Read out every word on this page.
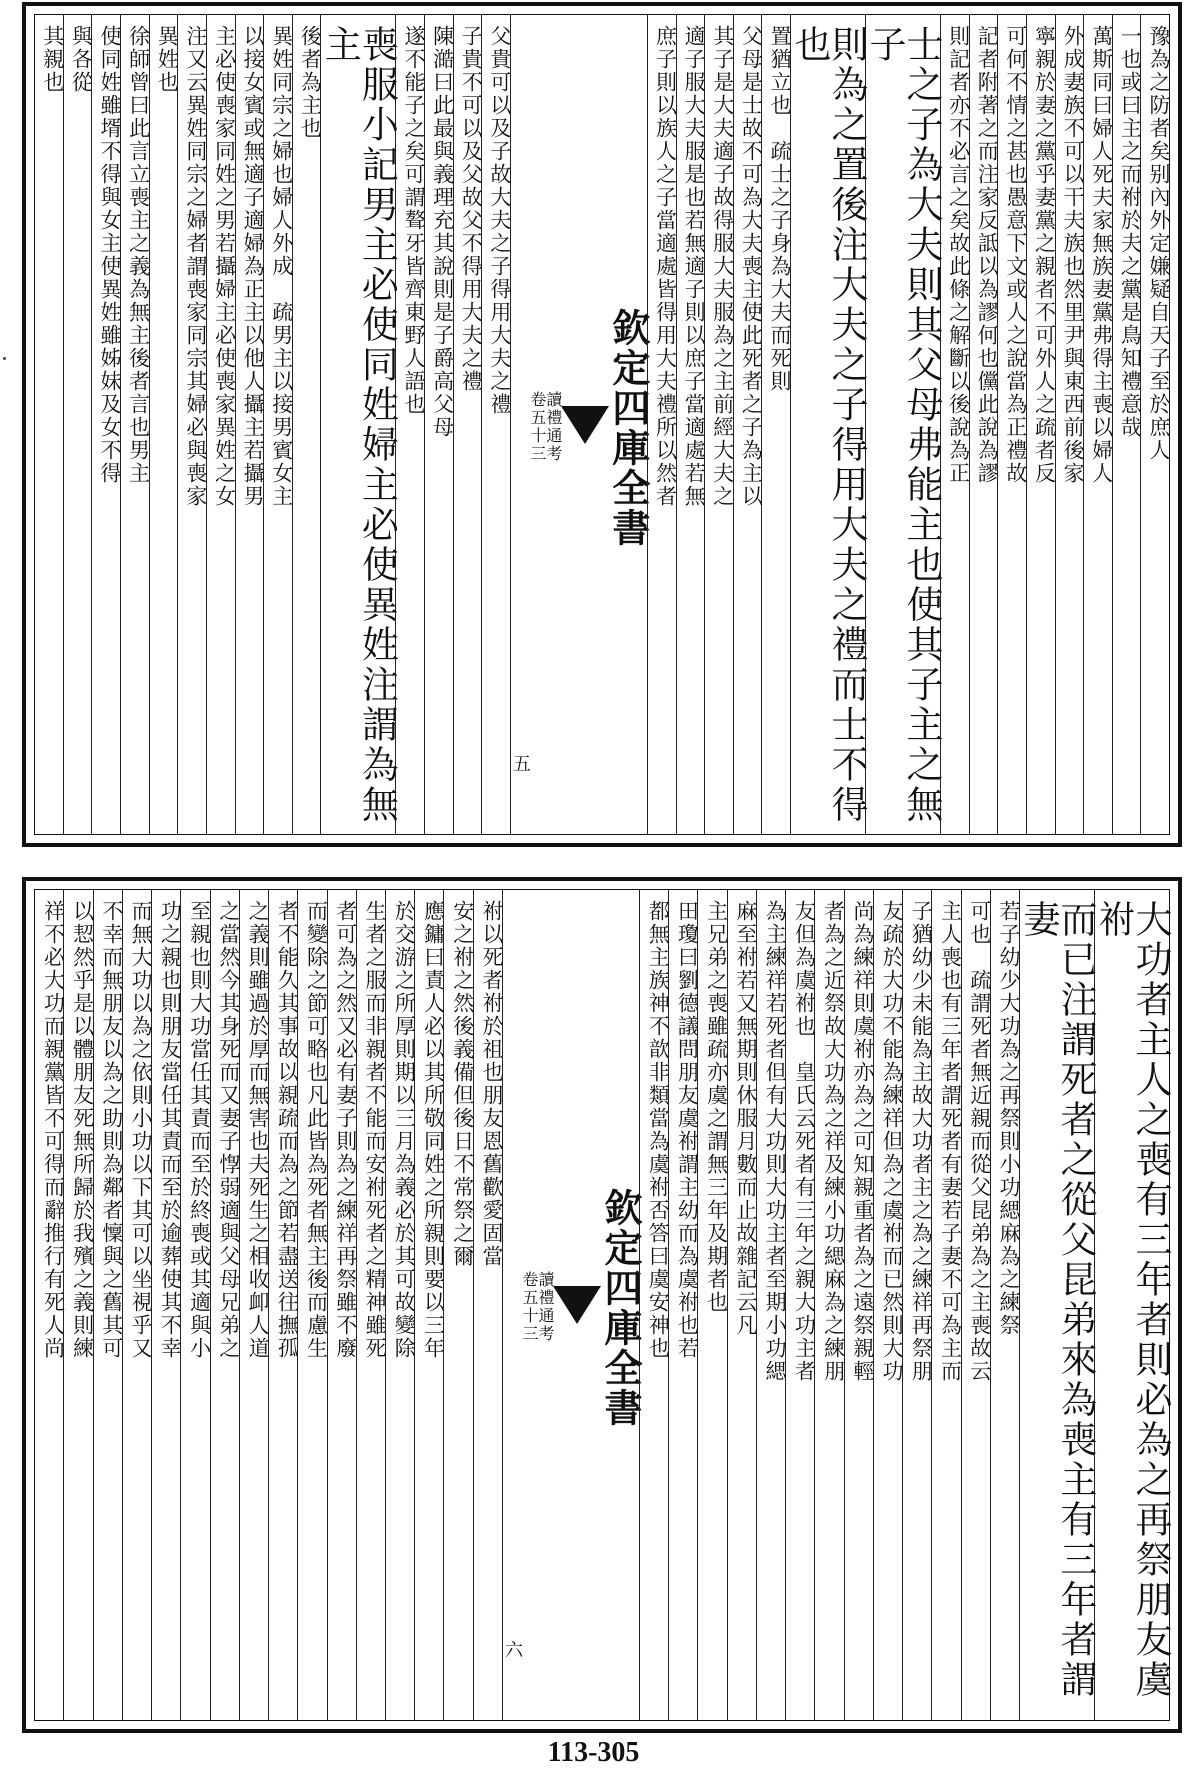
豫為之防者矣别內外定嫌疑自天子至於庶人
一也或曰主之而祔於夫之黨是鳥知禮意哉
萬斯同曰婦人死夫家無族妻黨弗得主喪以婦人
外成妻族不可以干夫族也然里尹與東西前後家
寧親於妻之黨乎妻黨之親者不可外人之疏者反
可何不情之甚也愚意下文或人之說當為正禮故
記者附著之而注家反詆以為謬何也儻此說為謬
則記者亦不必言之矣故此條之解斷以後說為正
士之子為大夫則其父母弗能主也使其子主之無子
則為之置後注大夫之子得用大夫之禮而士不得也
置猶立也　疏士之子身為大夫而死則
父母是士故不可為大夫喪主使此死者之子為主以
其子是大夫適子故得服大夫服為之主前經大夫之
適子服大夫服是也若無適子則以庶子當適處若無
庶子則以族人之子當適處皆得用大夫禮所以然者
欽定四庫全書
讀禮通考
卷五十三
五
父貴可以及子故大夫之子得用大夫之禮
子貴不可以及父故父不得用大夫之禮
陳澔曰此最與義理充其說則是子爵高父母
遂不能子之矣可謂聱牙皆齊東野人語也
喪服小記男主必使同姓婦主必使異姓注謂為無主
後者為主也
異姓同宗之婦也婦人外成　疏男主以接男賓女主
以接女賓或無適子適婦為正主以他人攝主若攝男
主必使喪家同姓之男若攝婦主必使喪家異姓之女
注又云異姓同宗之婦者謂喪家同宗其婦必與喪家
異姓也
徐師曾曰此言立喪主之義為無主後者言也男主
使同姓雖壻不得與女主使異姓雖姊妹及女不得
與各從
其親也
大功者主人之喪有三年者則必為之再祭朋友虞祔
而已注謂死者之從父昆弟來為喪主有三年者謂妻
若子幼少大功為之再祭則小功緦麻為之練祭
可也　疏謂死者無近親而從父昆弟為之主喪故云
主人喪也有三年者謂死者有妻若子妻不可為主而
子猶幼少未能為主故大功者主之為之練祥再祭朋
友疏於大功不能為練祥但為之虞祔而已然則大功
尚為練祥則虞祔亦為之可知親重者為之遠祭親輕
者為之近祭故大功為之祥及練小功緦麻為之練朋
友但為虞祔也　皇氏云死者有三年之親大功主者
為主練祥若死者但有大功則大功主者至期小功緦
麻至祔若又無期則休服月數而止故雜記云凡
主兄弟之喪雖疏亦虞之謂無三年及期者也
田瓊曰劉德議問朋友虞祔謂主幼而為虞祔也若
都無主族神不歆非類當為虞祔否答曰虞安神也
欽定四庫全書
讀禮通考
卷五十三
六
祔以死者祔於祖也朋友恩舊歡愛固當
安之祔之然後義備但後日不常祭之爾
應鏞曰責人必以其所敬同姓之所親則要以三年
於交游之所厚則期以三月為義必於其可故變除
生者之服而非親者不能而安祔死者之精神雖死
者可為之然又必有妻子則為之練祥再祭雖不廢
而變除之節可略也凡此皆為死者無主後而慮生
者不能久其事故以親疏而為之節若盡送往撫孤
之義則雖過於厚而無害也夫死生之相收卹人道
之當然今其身死而又妻子惸弱適與父母兄弟之
至親也則大功當任其責而至於終喪或其適與小
功之親也則朋友當任其責而至於逾葬使其不幸
而無大功以為之依則小功以下其可以坐視乎又
不幸而無朋友以為之助則為鄰者懍與之舊其可
以恝然乎是以體朋友死無所歸於我殯之義則練
祥不必大功而親黨皆不可得而辭推行有死人尚
113-305
